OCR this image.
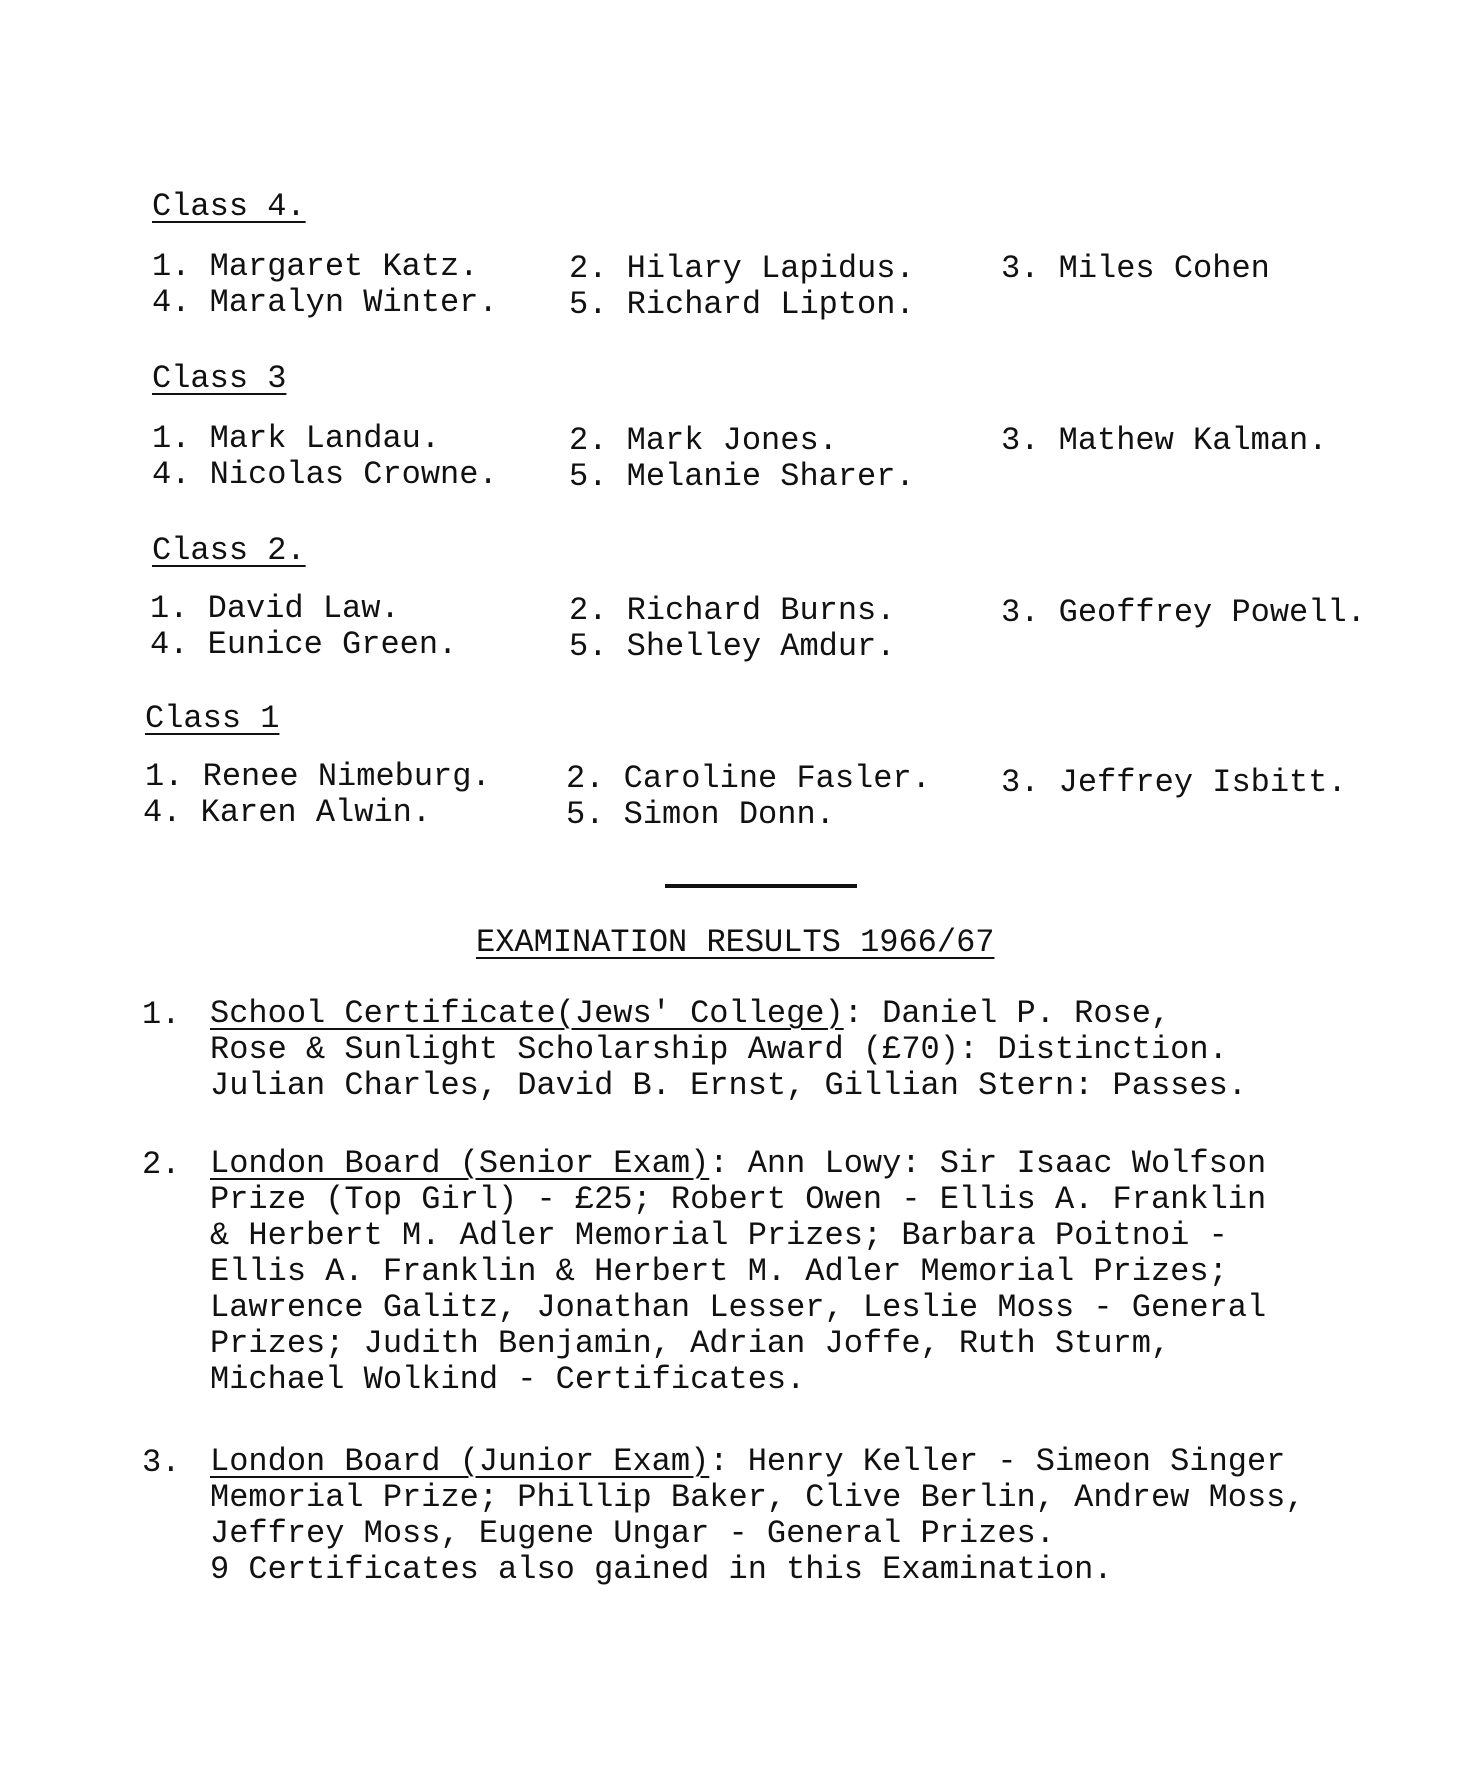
Class 4.
1. Margaret Katz.	2. Hilary Lapidus.	3. Miles Cohen
4. Maralyn Winter. 5. Richard Lipton.
Class 3
1. Mark Landau.	2. Mark Jones.	3. Mathew Kalman.
4. Nicolas Crowne. 5. Melanie Sharer.
Class 2.
1. David Law.	2. Richard Burns.	3. Geoffrey Powell.
4. Eunice Green.	5. Shelley Amdur.
Class 1
1. Renee Nimeburg. 2. Caroline Fasler. 3. Jeffrey Isbitt.
4. Karen Alwin.	5. Simon Donn.
EXAMINATION RESULTS 1966/67
1. School Certificate(Jews' College): Daniel P. Rose,
Rose & Sunlight Scholarship Award (£70): Distinction.
Julian Charles, David B. Ernst, Gillian Stern: Passes.
2. London Board (Senior Exam): Ann Lowy: Sir Isaac Wolfson
Prize (Top Girl) - £25; Robert Owen - Ellis A. Franklin
& Herbert M. Adler Memorial Prizes; Barbara Poitnoi -
Ellis A. Franklin & Herbert M. Adler Memorial Prizes;
Lawrence Galitz, Jonathan Lesser, Leslie Moss - General
Prizes; Judith Benjamin, Adrian Joffe, Ruth Sturm,
Michael Wolkind - Certificates.
3. London Board (Junior Exam): Henry Keller - Simeon Singer
Memorial Prize; Phillip Baker, Clive Berlin, Andrew Moss,
Jeffrey Moss, Eugene Ungar - General Prizes.
9 Certificates also gained in this Examination.
